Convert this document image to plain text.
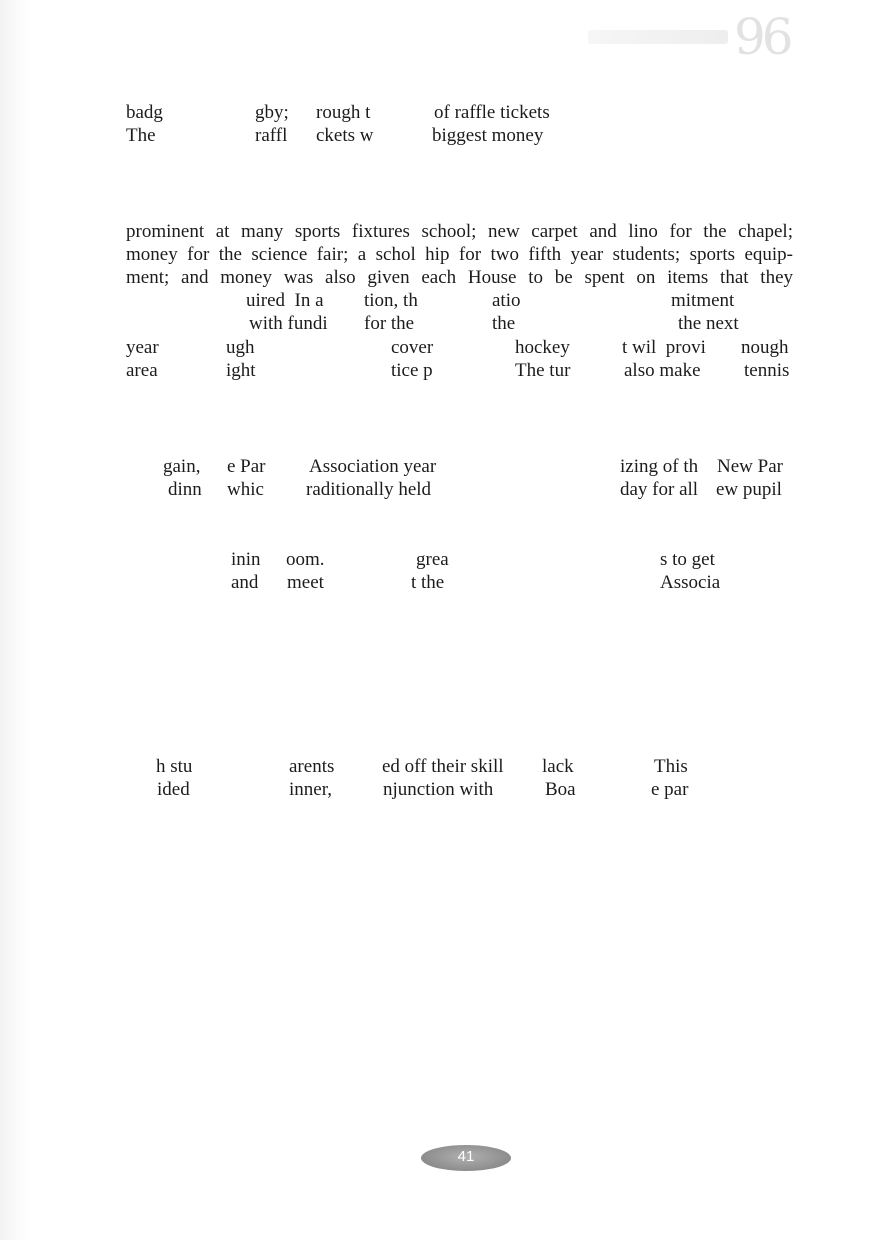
96
badg	gby; rough t	of raffle tickets
The	raffl ckets w	biggest money
prominent at many sports fixtures school; new carpet and lino for the chapel;
money for the science fair; a schol hip for two fifth year students; sports equip-
ment; and money was also given each House to be spent on items that they
uired  In a tion, th	atio	mitment
with fundi for the	the	the next
year	ugh	cover	hockey	t wil  provi nough
area	ight	tice p	The tur	also make tennis
gain, e Par Association year	izing of th New Par
dinn whic raditionally held	day for all ew pupil
inin oom.	grea	s to get
and meet	t the	Associa
h stu	arents	ed off their skill lack	This
ided	inner,	njunction with	Boa	e par
41
